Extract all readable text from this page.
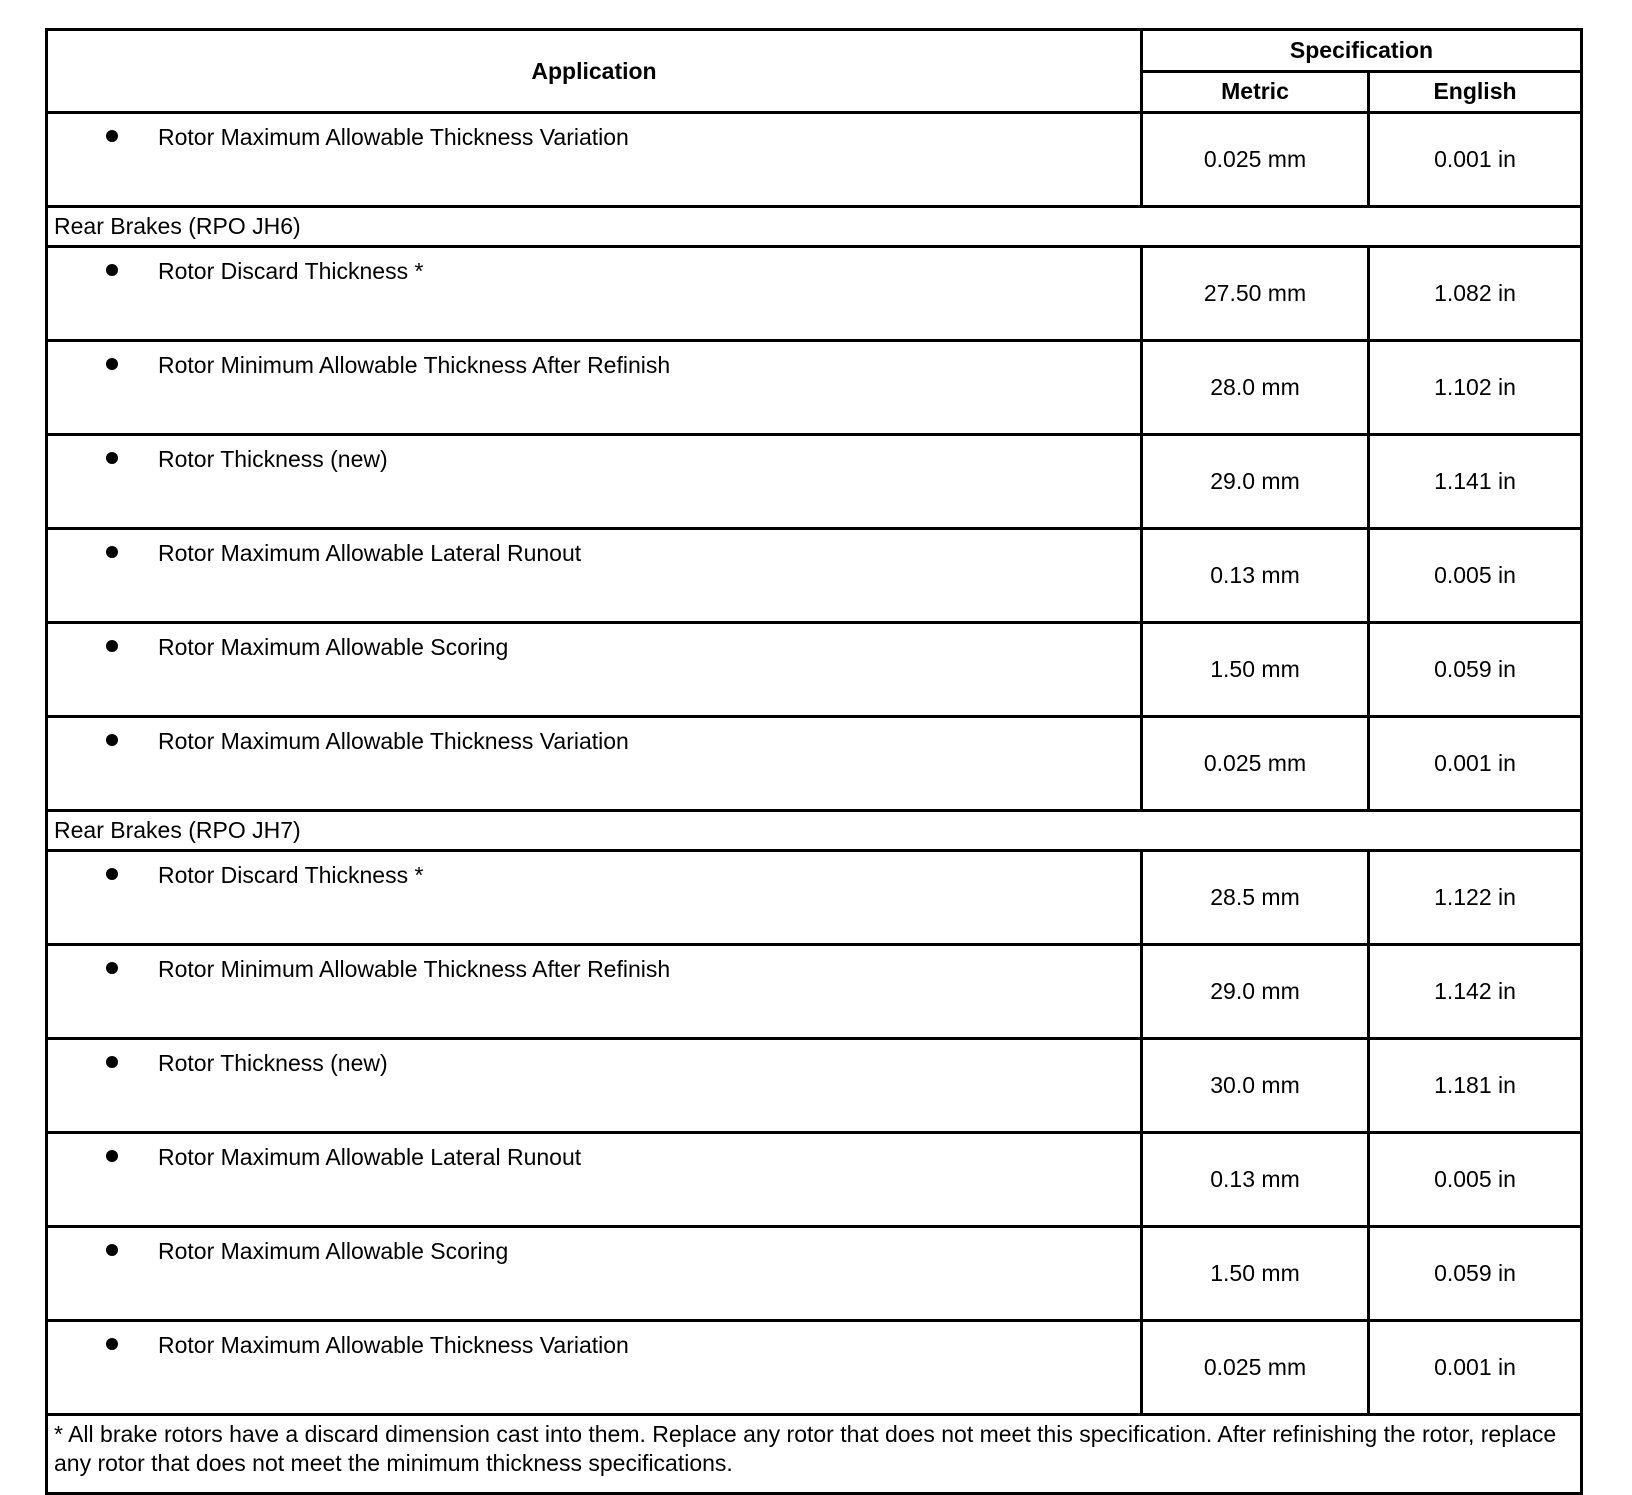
Application	Specification	
	Metric	English
Rotor Maximum Allowable Thickness Variation	0.025 mm	0.001 in
Rear Brakes (RPO JH6)		
Rotor Discard Thickness *	27.50 mm	1.082 in
Rotor Minimum Allowable Thickness After Refinish	28.0 mm	1.102 in
Rotor Thickness (new)	29.0 mm	1.141 in
Rotor Maximum Allowable Lateral Runout	0.13 mm	0.005 in
Rotor Maximum Allowable Scoring	1.50 mm	0.059 in
Rotor Maximum Allowable Thickness Variation	0.025 mm	0.001 in
Rear Brakes (RPO JH7)		
Rotor Discard Thickness *	28.5 mm	1.122 in
Rotor Minimum Allowable Thickness After Refinish	29.0 mm	1.142 in
Rotor Thickness (new)	30.0 mm	1.181 in
Rotor Maximum Allowable Lateral Runout	0.13 mm	0.005 in
Rotor Maximum Allowable Scoring	1.50 mm	0.059 in
Rotor Maximum Allowable Thickness Variation	0.025 mm	0.001 in
* All brake rotors have a discard dimension cast into them. Replace any rotor that does not meet this specification. After refinishing the rotor, replace any rotor that does not meet the minimum thickness specifications.		
